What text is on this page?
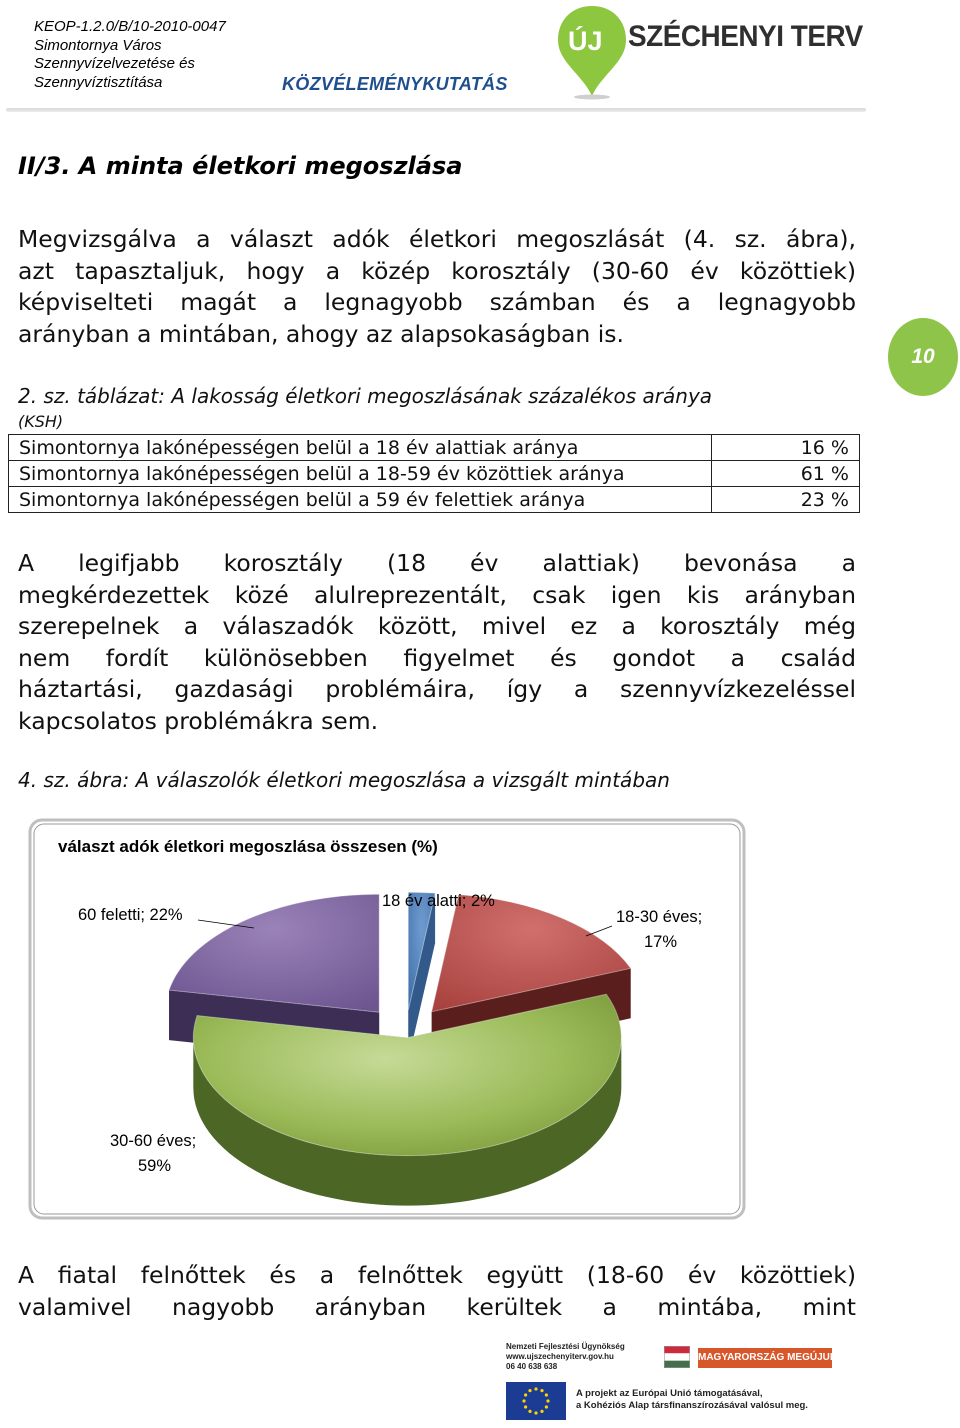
KEOP-1.2.0/B/10-2010-0047
Simontornya Város
Szennyvízelvezetése és
Szennyvíztisztítása	KÖZVÉLEMÉNYKUTATÁS
ÚJ SZÉCHENYI TERV
10
II/3. A minta életkori megoszlása
Megvizsgálva a választ adók életkori megoszlását (4. sz. ábra),
azt tapasztaljuk, hogy a közép korosztály (30-60 év közöttiek)
képviselteti magát a legnagyobb számban és a legnagyobb
arányban a mintában, ahogy az alapsokaságban is.
2. sz. táblázat: A lakosság életkori megoszlásának százalékos aránya
(KSH)
Simontornya lakónépességen belül a 18 év alattiak aránya	16 %
Simontornya lakónépességen belül a 18-59 év közöttiek aránya	61 %
Simontornya lakónépességen belül a 59 év felettiek aránya	23 %
A legifjabb korosztály (18 év alattiak) bevonása a
megkérdezettek közé alulreprezentált, csak igen kis arányban
szerepelnek a válaszadók között, mivel ez a korosztály még
nem fordít különösebben figyelmet és gondot a család
háztartási, gazdasági problémáira, így a szennyvízkezeléssel
kapcsolatos problémákra sem.
4. sz. ábra: A válaszolók életkori megoszlása a vizsgált mintában
választ adók életkori megoszlása összesen (%)
18 év alatti; 2%
18-30 éves;
17%
30-60 éves;
59%
60 feletti; 22%
A fiatal felnőttek és a felnőttek együtt (18-60 év közöttiek)
valamivel nagyobb arányban kerültek a mintába, mint
Nemzeti Fejlesztési Ügynökség
www.ujszechenyiterv.gov.hu
06 40 638 638
MAGYARORSZÁG MEGÚJUL
A projekt az Európai Unió támogatásával,
a Kohéziós Alap társfinanszírozásával valósul meg.
